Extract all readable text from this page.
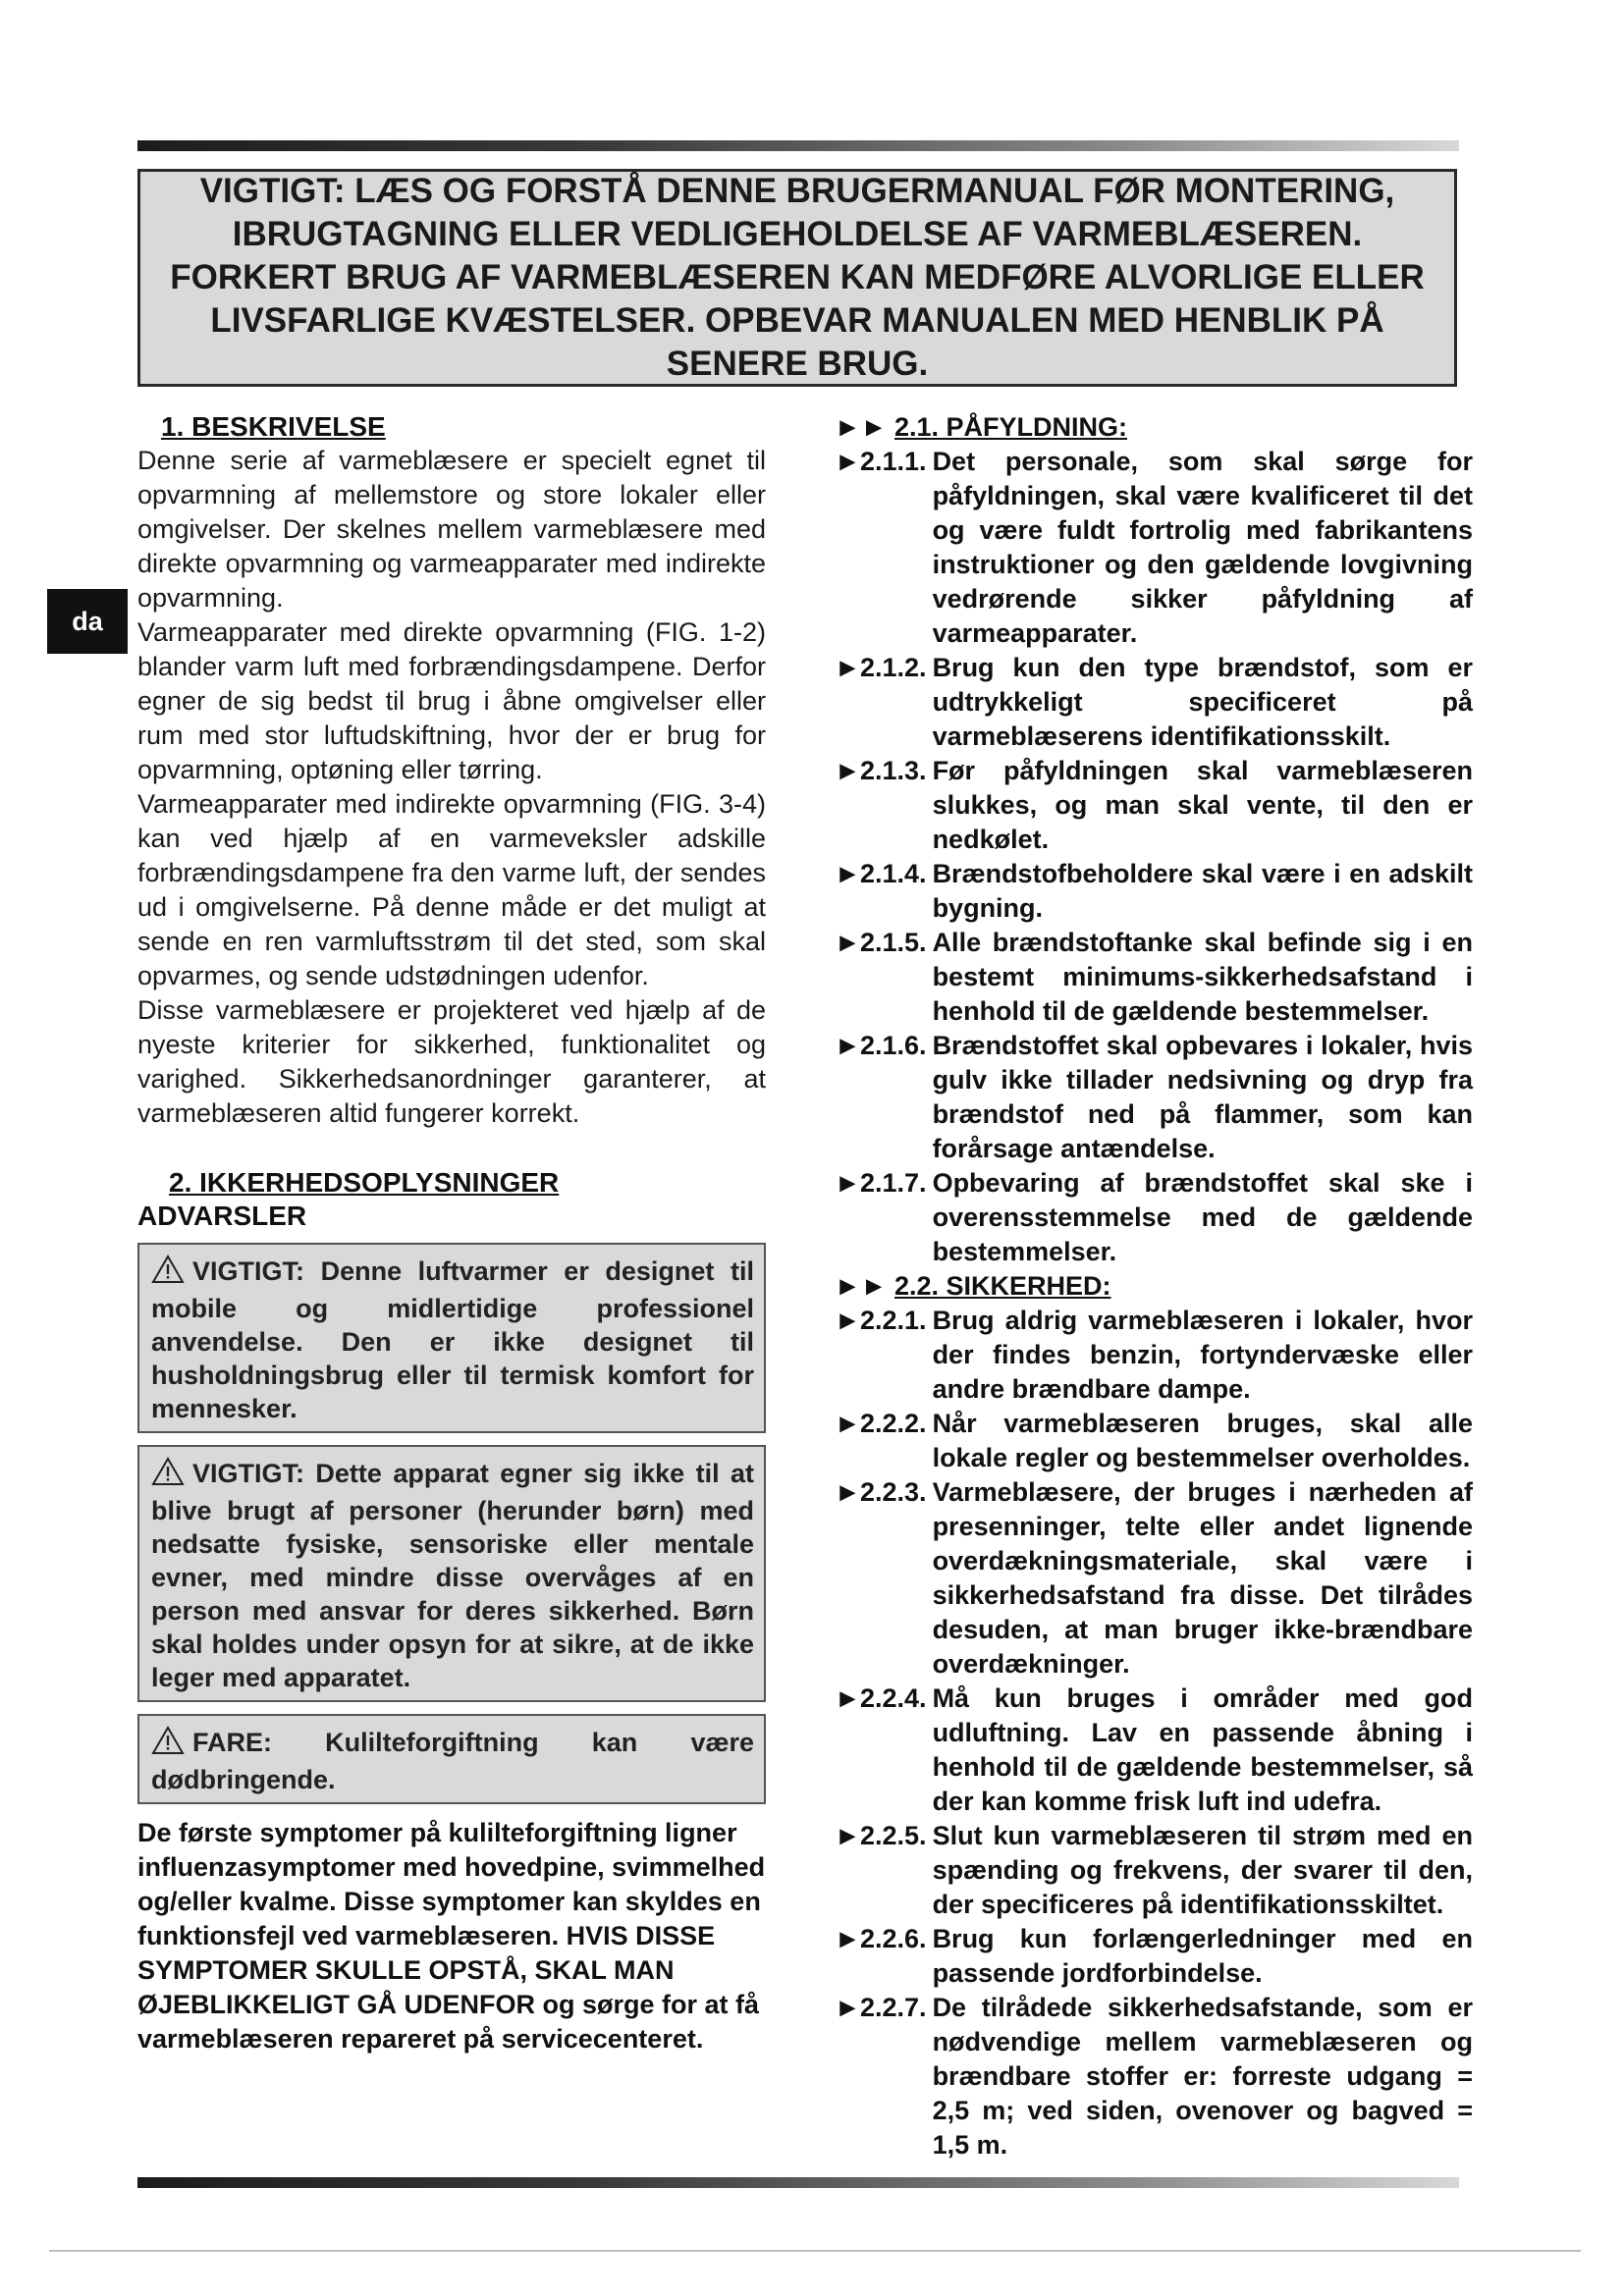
VIGTIGT: LÆS OG FORSTÅ DENNE BRUGERMANUAL FØR MONTERING, IBRUGTAGNING ELLER VEDLIGEHOLDELSE AF VARMEBLÆSEREN. FORKERT BRUG AF VARMEBLÆSEREN KAN MEDFØRE ALVORLIGE ELLER LIVSFARLIGE KVÆSTELSER. OPBEVAR MANUALEN MED HENBLIK PÅ SENERE BRUG.

da

1. BESKRIVELSE

Denne serie af varmeblæsere er specielt egnet til opvarmning af mellemstore og store lokaler eller omgivelser. Der skelnes mellem varmeblæsere med direkte opvarmning og varmeapparater med indirekte opvarmning.

Varmeapparater med direkte opvarmning (FIG. 1-2) blander varm luft med forbrændingsdampene. Derfor egner de sig bedst til brug i åbne omgivelser eller rum med stor luftudskiftning, hvor der er brug for opvarmning, optøning eller tørring.

Varmeapparater med indirekte opvarmning (FIG. 3-4) kan ved hjælp af en varmeveksler adskille forbrændingsdampene fra den varme luft, der sendes ud i omgivelserne. På denne måde er det muligt at sende en ren varmluftsstrøm til det sted, som skal opvarmes, og sende udstødningen udenfor.

Disse varmeblæsere er projekteret ved hjælp af de nyeste kriterier for sikkerhed, funktionalitet og varighed. Sikkerhedsanordninger garanterer, at varmeblæseren altid fungerer korrekt.

2. IKKERHEDSOPLYSNINGER

ADVARSLER

VIGTIGT: Denne luftvarmer er designet til mobile og midlertidige professionel anvendelse. Den er ikke designet til husholdningsbrug eller til termisk komfort for mennesker.
VIGTIGT: Dette apparat egner sig ikke til at blive brugt af personer (herunder børn) med nedsatte fysiske, sensoriske eller mentale evner, med mindre disse overvåges af en person med ansvar for deres sikkerhed. Børn skal holdes under opsyn for at sikre, at de ikke leger med apparatet.
FARE: Kulilteforgiftning kan være dødbringende.

De første symptomer på kulilteforgiftning ligner influenzasymptomer med hovedpine, svimmelhed og/eller kvalme. Disse symptomer kan skyldes en funktionsfejl ved varmeblæseren. HVIS DISSE SYMPTOMER SKULLE OPSTÅ, SKAL MAN ØJEBLIKKELIGT GÅ UDENFOR og sørge for at få varmeblæseren repareret på servicecenteret.

►► 2.1. PÅFYLDNING:

► 2.1.1. Det personale, som skal sørge for påfyldningen, skal være kvalificeret til det og være fuldt fortrolig med fabrikantens instruktioner og den gældende lovgivning vedrørende sikker påfyldning af varmeapparater.
► 2.1.2. Brug kun den type brændstof, som er udtrykkeligt specificeret på varmeblæserens identifikationsskilt.
► 2.1.3. Før påfyldningen skal varmeblæseren slukkes, og man skal vente, til den er nedkølet.
► 2.1.4. Brændstofbeholdere skal være i en adskilt bygning.
► 2.1.5. Alle brændstoftanke skal befinde sig i en bestemt minimums-sikkerhedsafstand i henhold til de gældende bestemmelser.
► 2.1.6. Brændstoffet skal opbevares i lokaler, hvis gulv ikke tillader nedsivning og dryp fra brændstof ned på flammer, som kan forårsage antændelse.
► 2.1.7. Opbevaring af brændstoffet skal ske i overensstemmelse med de gældende bestemmelser.

►► 2.2. SIKKERHED:

► 2.2.1. Brug aldrig varmeblæseren i lokaler, hvor der findes benzin, fortyndervæske eller andre brændbare dampe.
► 2.2.2. Når varmeblæseren bruges, skal alle lokale regler og bestemmelser overholdes.
► 2.2.3. Varmeblæsere, der bruges i nærheden af presenninger, telte eller andet lignende overdækningsmateriale, skal være i sikkerhedsafstand fra disse. Det tilrådes desuden, at man bruger ikke-brændbare overdækninger.
► 2.2.4. Må kun bruges i områder med god udluftning. Lav en passende åbning i henhold til de gældende bestemmelser, så der kan komme frisk luft ind udefra.
► 2.2.5. Slut kun varmeblæseren til strøm med en spænding og frekvens, der svarer til den, der specificeres på identifikationsskiltet.
► 2.2.6. Brug kun forlængerledninger med en passende jordforbindelse.
► 2.2.7. De tilrådede sikkerhedsafstande, som er nødvendige mellem varmeblæseren og brændbare stoffer er: forreste udgang = 2,5 m; ved siden, ovenover og bagved = 1,5 m.
